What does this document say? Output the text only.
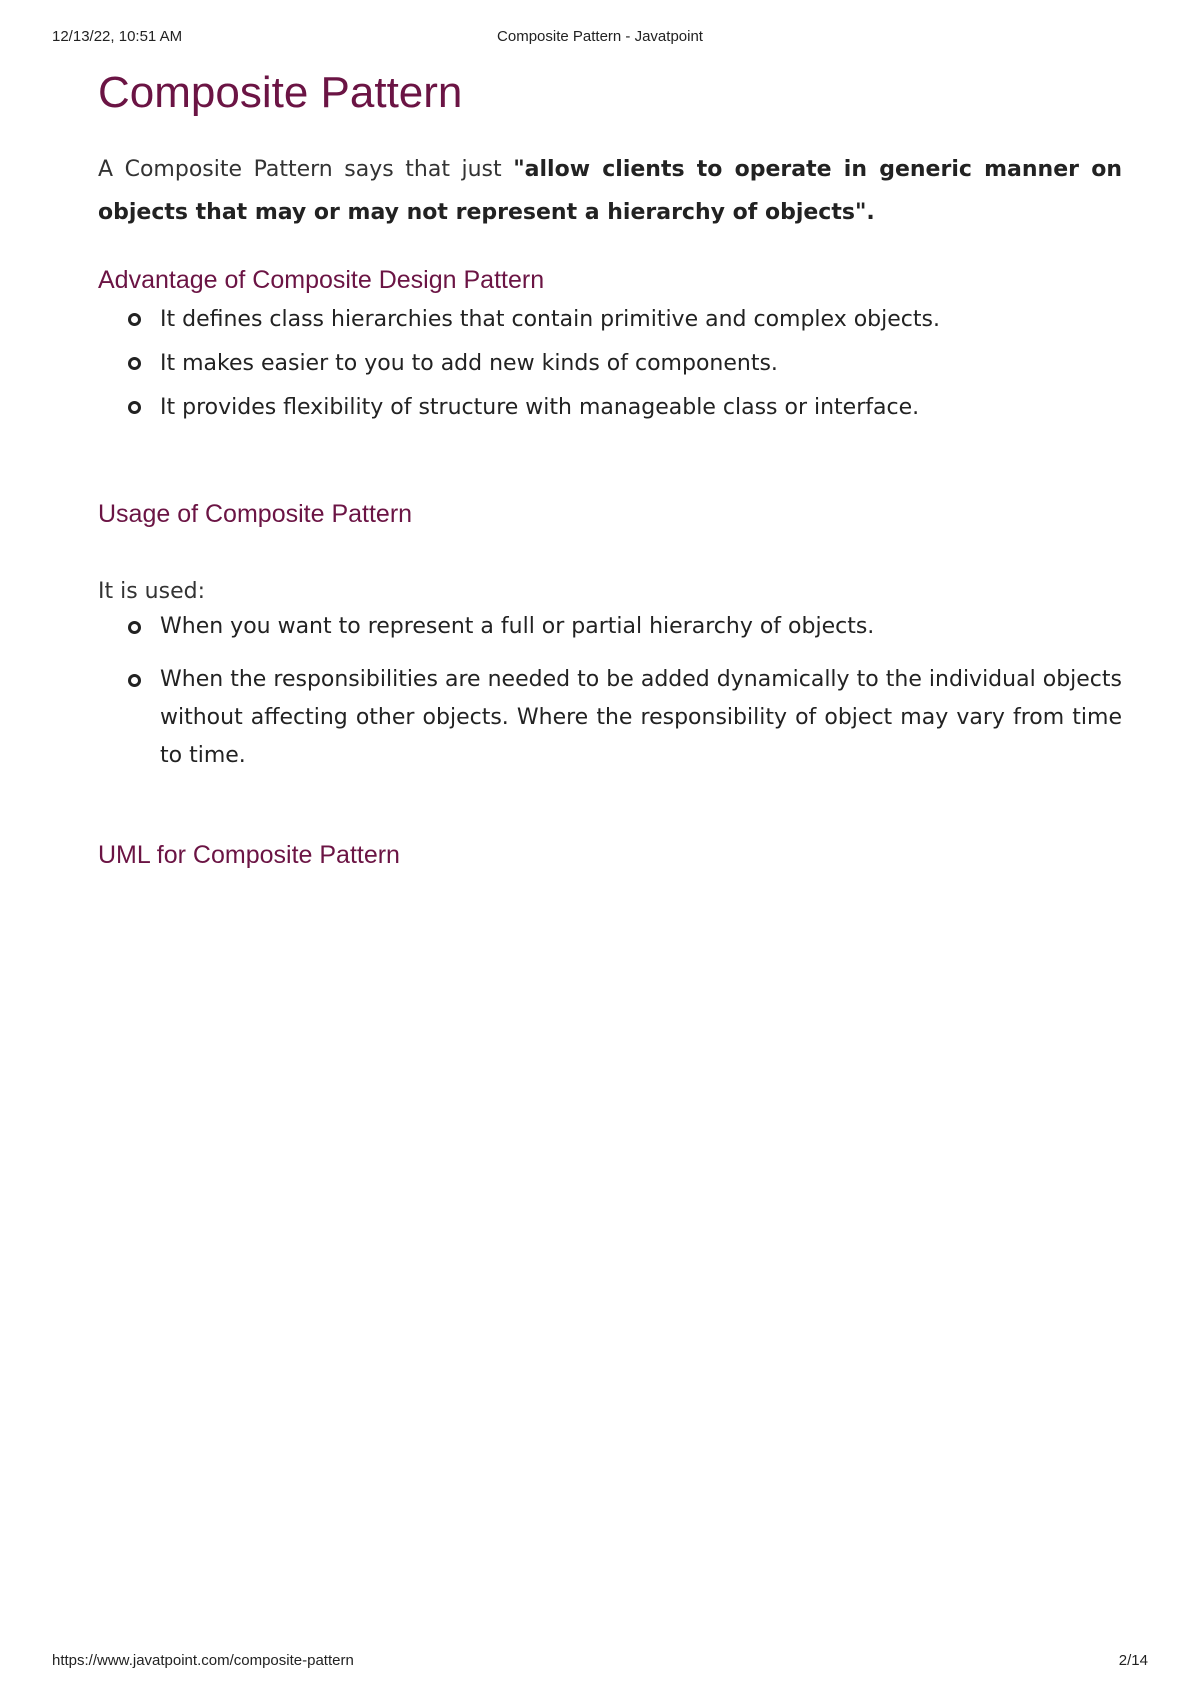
12/13/22, 10:51 AM	Composite Pattern - Javatpoint
Composite Pattern

A Composite Pattern says that just "allow clients to operate in generic manner on objects that may or may not represent a hierarchy of objects".

Advantage of Composite Design Pattern
It defines class hierarchies that contain primitive and complex objects.
It makes easier to you to add new kinds of components.
It provides flexibility of structure with manageable class or interface.
Usage of Composite Pattern

It is used:

When you want to represent a full or partial hierarchy of objects.
When the responsibilities are needed to be added dynamically to the individual objects without affecting other objects. Where the responsibility of object may vary from time to time.
UML for Composite Pattern
https://www.javatpoint.com/composite-pattern	2/14
